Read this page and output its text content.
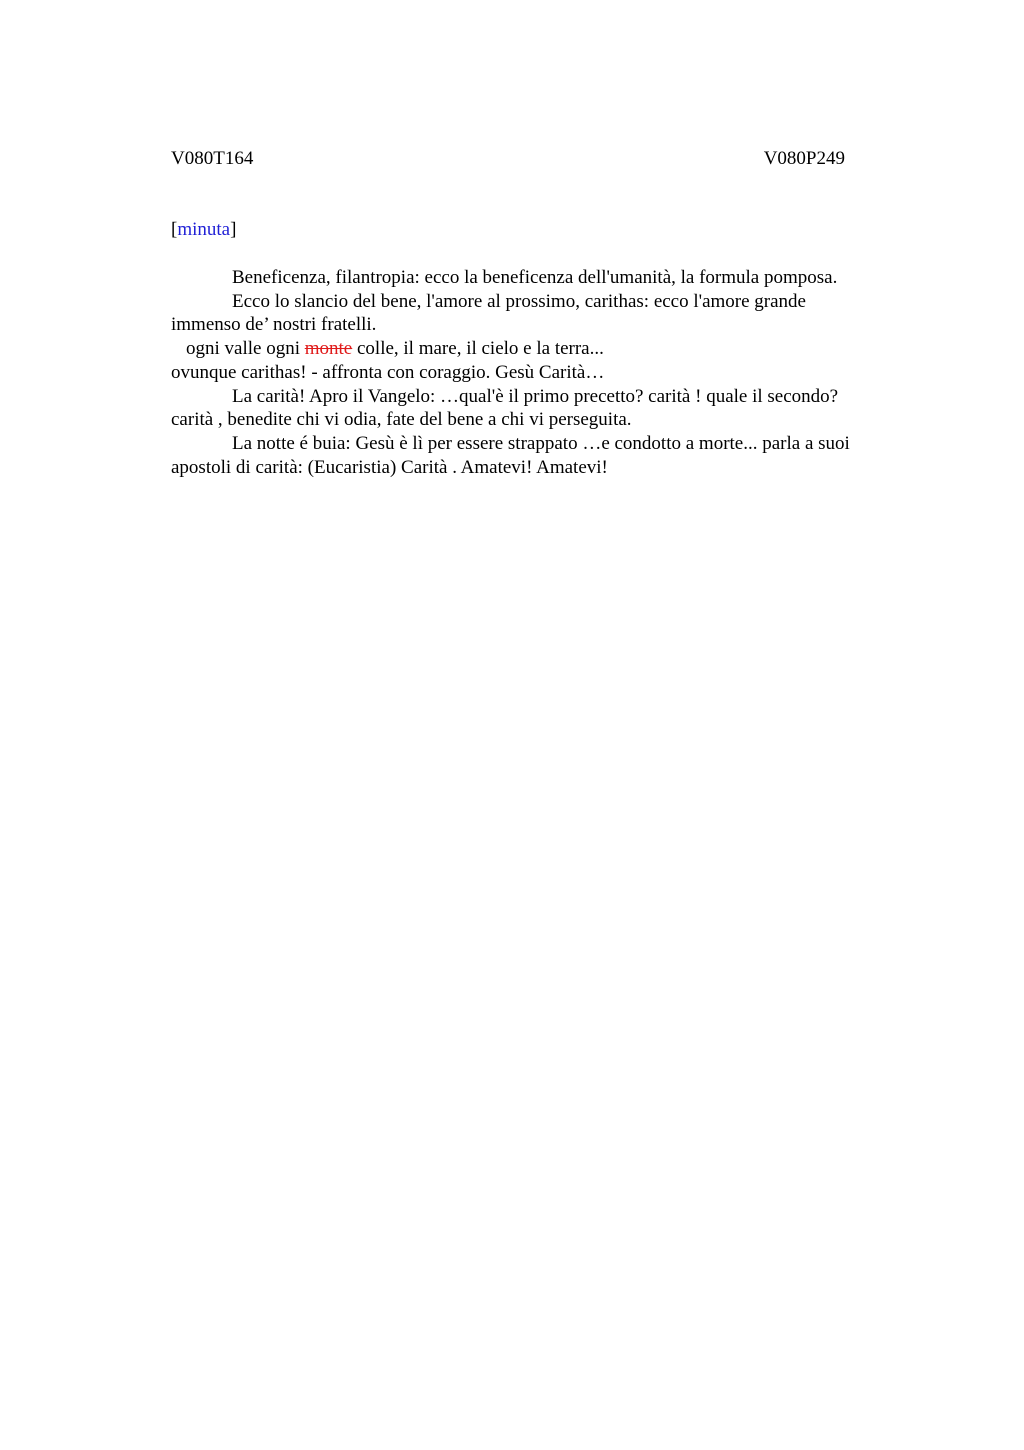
V080T164	V080P249
[minuta]
Beneficenza, filantropia: ecco la beneficenza dell'umanità, la formula pomposa.
Ecco lo slancio del bene, l'amore al prossimo, carithas: ecco l'amore grande
immenso de’ nostri fratelli.
ogni valle ogni monte colle, il mare, il cielo e la terra...
ovunque carithas! - affronta con coraggio. Gesù Carità…
La carità! Apro il Vangelo: …qual'è il primo precetto? carità ! quale il secondo?
carità , benedite chi vi odia, fate del bene a chi vi perseguita.
La notte é buia: Gesù è lì per essere strappato …e condotto a morte... parla a suoi
apostoli di carità: (Eucaristia) Carità . Amatevi! Amatevi!
